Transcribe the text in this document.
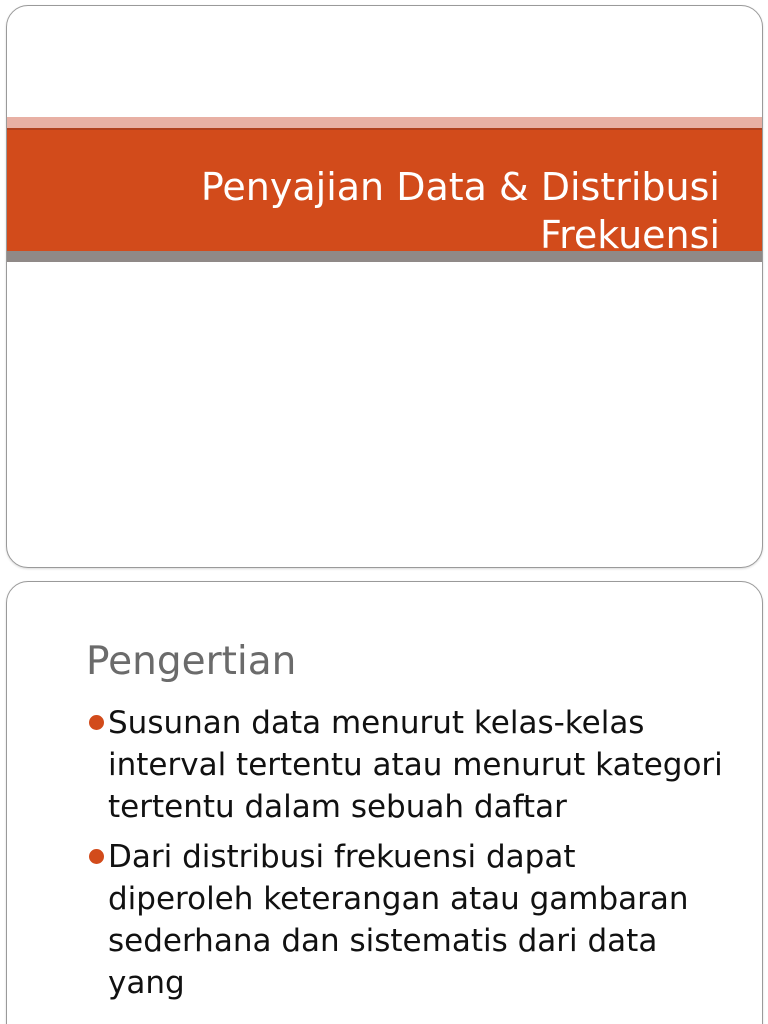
Penyajian Data & Distribusi Frekuensi
Pengertian
Susunan data menurut kelas-kelas interval tertentu atau menurut kategori tertentu dalam sebuah daftar
Dari distribusi frekuensi dapat diperoleh keterangan atau gambaran sederhana dan sistematis dari data yang
